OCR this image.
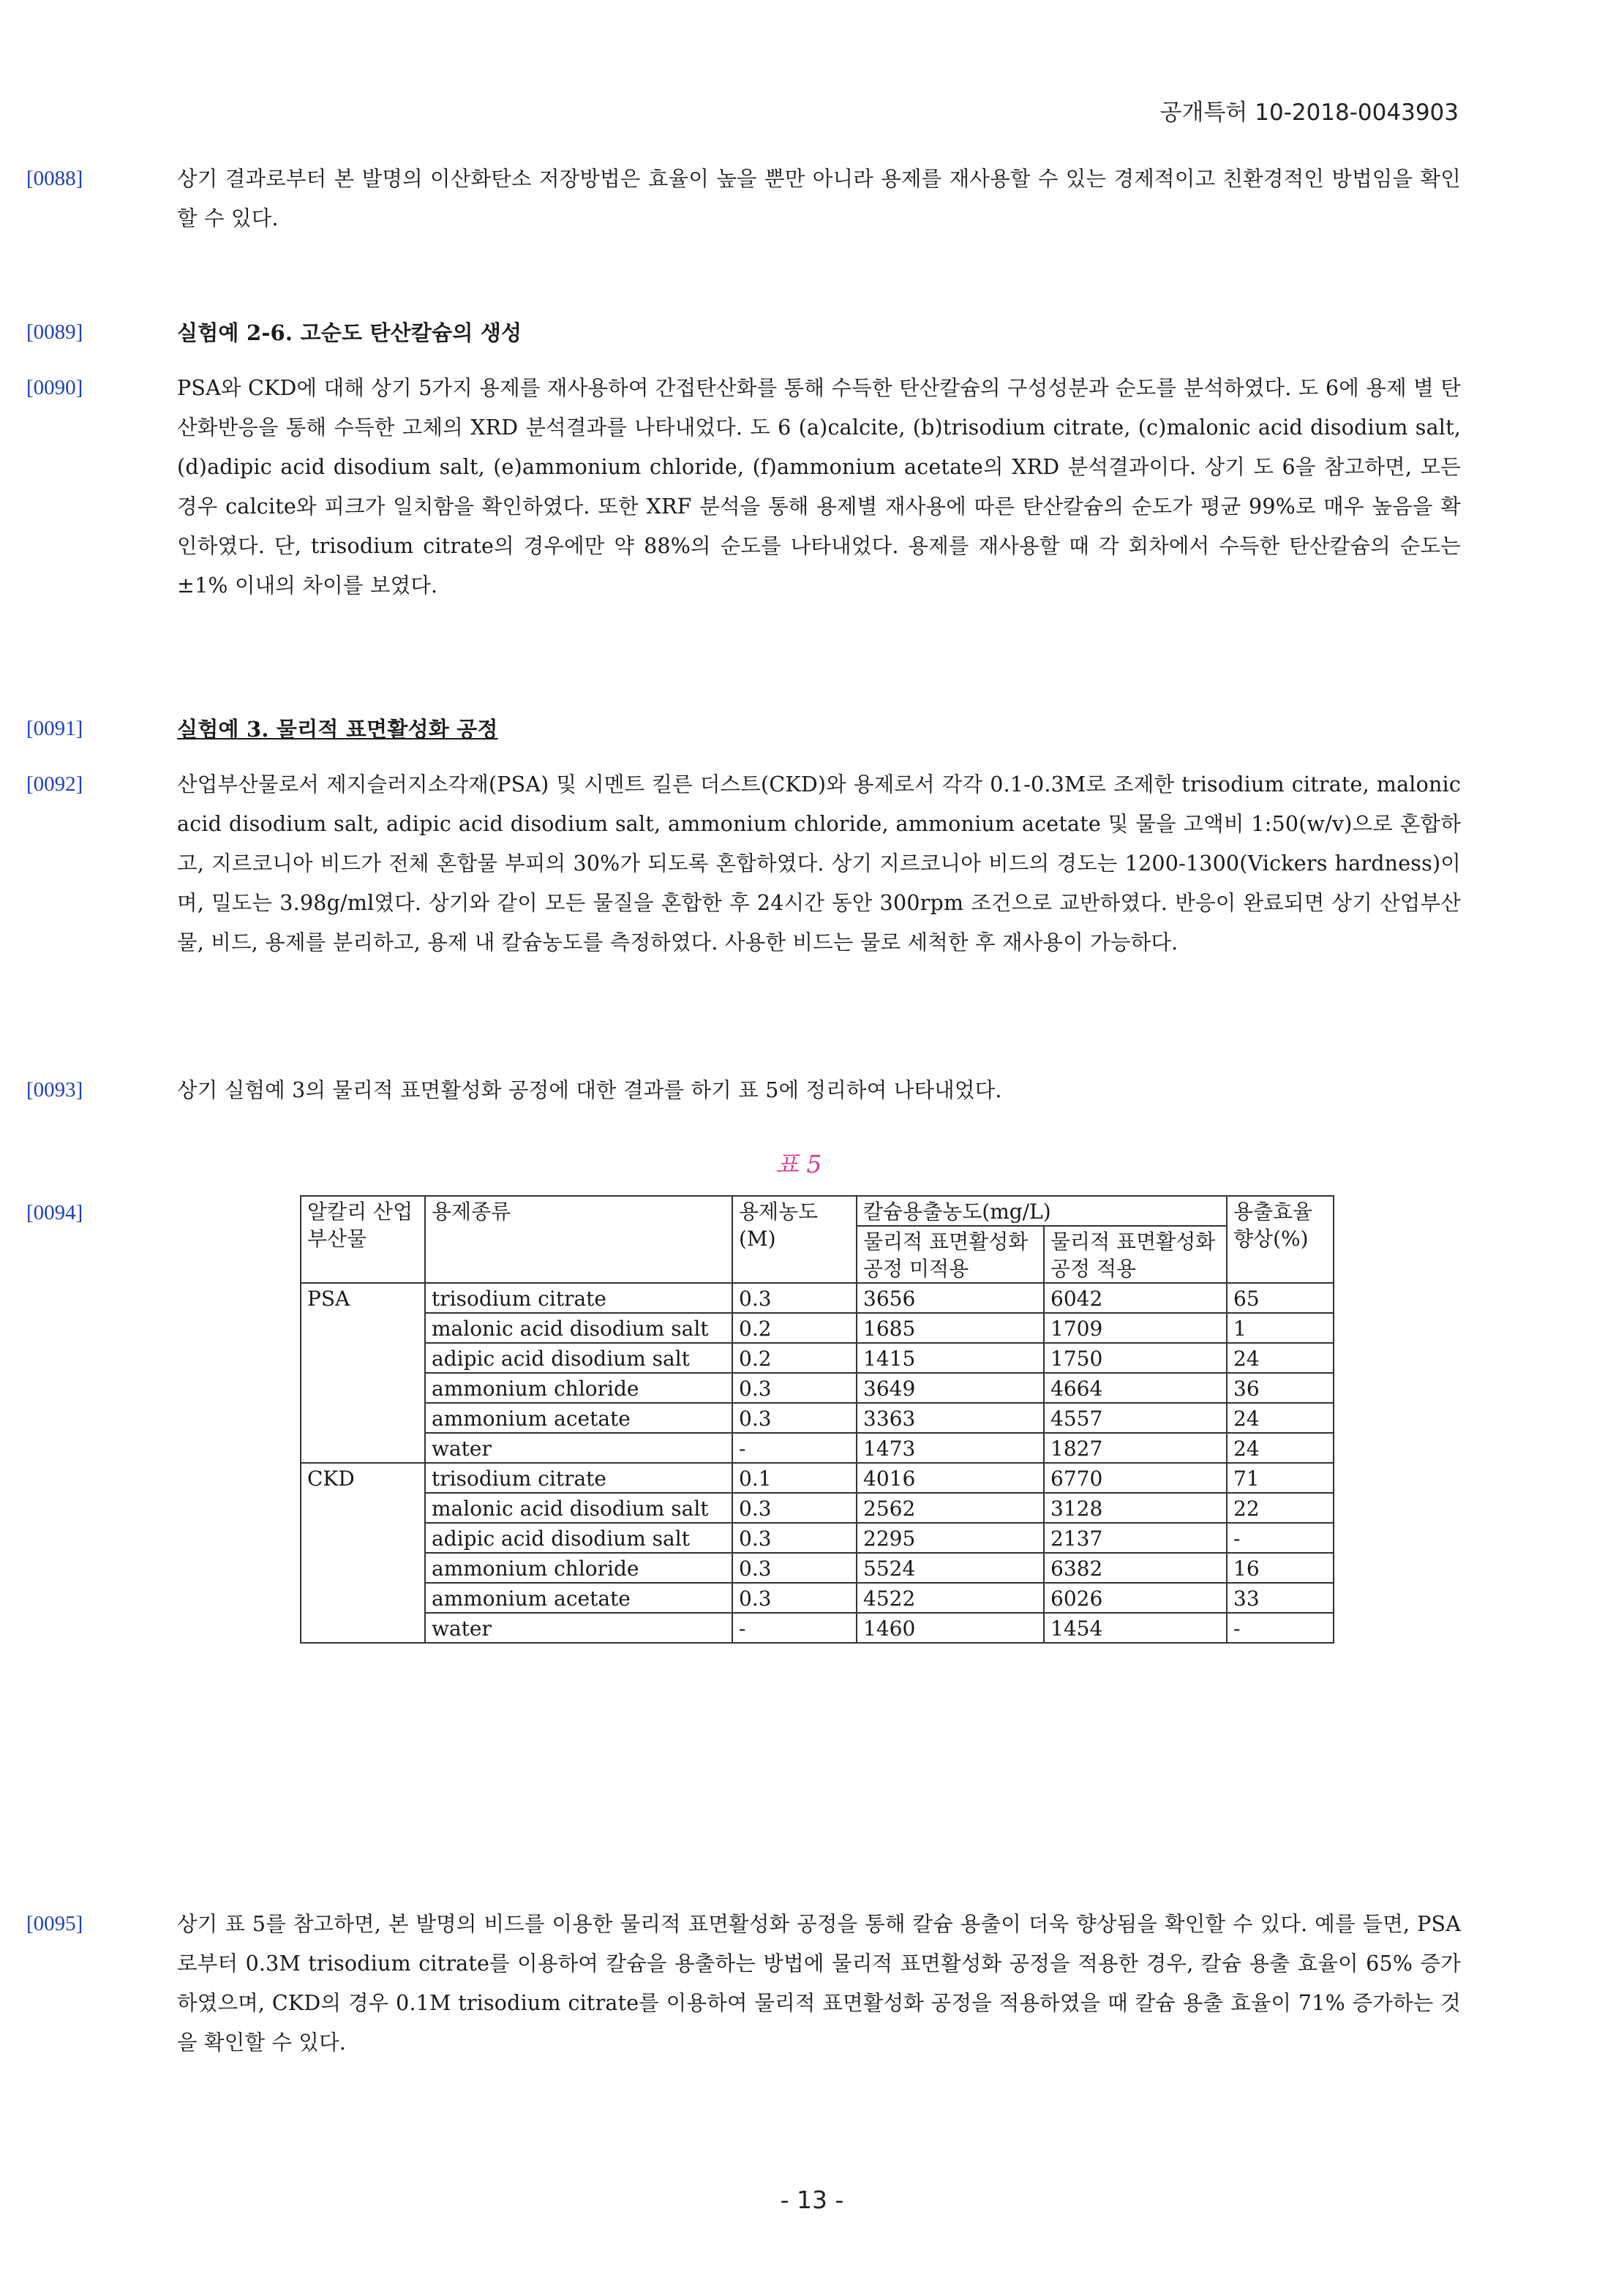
공개특허 10-2018-0043903
[0088]	상기 결과로부터 본 발명의 이산화탄소 저장방법은 효율이 높을 뿐만 아니라 용제를 재사용할 수 있는 경제적이고 친환경적인 방법임을 확인할 수 있다.
[0089]	실험예 2-6. 고순도 탄산칼슘의 생성
[0090]	PSA와 CKD에 대해 상기 5가지 용제를 재사용하여 간접탄산화를 통해 수득한 탄산칼슘의 구성성분과 순도를 분석하였다. 도 6에 용제 별 탄산화반응을 통해 수득한 고체의 XRD 분석결과를 나타내었다. 도 6 (a)calcite, (b)trisodium citrate, (c)malonic acid disodium salt, (d)adipic acid disodium salt, (e)ammonium chloride, (f)ammonium acetate의 XRD 분석결과이다. 상기 도 6을 참고하면, 모든 경우 calcite와 피크가 일치함을 확인하였다. 또한 XRF 분석을 통해 용제별 재사용에 따른 탄산칼슘의 순도가 평균 99%로 매우 높음을 확인하였다. 단, trisodium citrate의 경우에만 약 88%의 순도를 나타내었다. 용제를 재사용할 때 각 회차에서 수득한 탄산칼슘의 순도는 ±1% 이내의 차이를 보였다.
[0091]	실험예 3. 물리적 표면활성화 공정
[0092]	산업부산물로서 제지슬러지소각재(PSA) 및 시멘트 킬른 더스트(CKD)와 용제로서 각각 0.1-0.3M로 조제한 trisodium citrate, malonic acid disodium salt, adipic acid disodium salt, ammonium chloride, ammonium acetate 및 물을 고액비 1:50(w/v)으로 혼합하고, 지르코니아 비드가 전체 혼합물 부피의 30%가 되도록 혼합하였다. 상기 지르코니아 비드의 경도는 1200-1300(Vickers hardness)이며, 밀도는 3.98g/ml였다. 상기와 같이 모든 물질을 혼합한 후 24시간 동안 300rpm 조건으로 교반하였다. 반응이 완료되면 상기 산업부산물, 비드, 용제를 분리하고, 용제 내 칼슘농도를 측정하였다. 사용한 비드는 물로 세척한 후 재사용이 가능하다.
[0093]	상기 실험예 3의 물리적 표면활성화 공정에 대한 결과를 하기 표 5에 정리하여 나타내었다.
[0094]
표 5
알칼리 산업부산물	용제종류	용제농도(M)	칼슘용출농도(mg/L)		용출효율향상(%)
			물리적 표면활성화 공정 미적용	물리적 표면활성화 공정 적용	
PSA	trisodium citrate	0.3	3656	6042	65
	malonic acid disodium salt	0.2	1685	1709	1
	adipic acid disodium salt	0.2	1415	1750	24
	ammonium chloride	0.3	3649	4664	36
	ammonium acetate	0.3	3363	4557	24
	water	-	1473	1827	24
CKD	trisodium citrate	0.1	4016	6770	71
	malonic acid disodium salt	0.3	2562	3128	22
	adipic acid disodium salt	0.3	2295	2137	-
	ammonium chloride	0.3	5524	6382	16
	ammonium acetate	0.3	4522	6026	33
	water	-	1460	1454	-
[0095]	상기 표 5를 참고하면, 본 발명의 비드를 이용한 물리적 표면활성화 공정을 통해 칼슘 용출이 더욱 향상됨을 확인할 수 있다. 예를 들면, PSA로부터 0.3M trisodium citrate를 이용하여 칼슘을 용출하는 방법에 물리적 표면활성화 공정을 적용한 경우, 칼슘 용출 효율이 65% 증가하였으며, CKD의 경우 0.1M trisodium citrate를 이용하여 물리적 표면활성화 공정을 적용하였을 때 칼슘 용출 효율이 71% 증가하는 것을 확인할 수 있다.
- 13 -
